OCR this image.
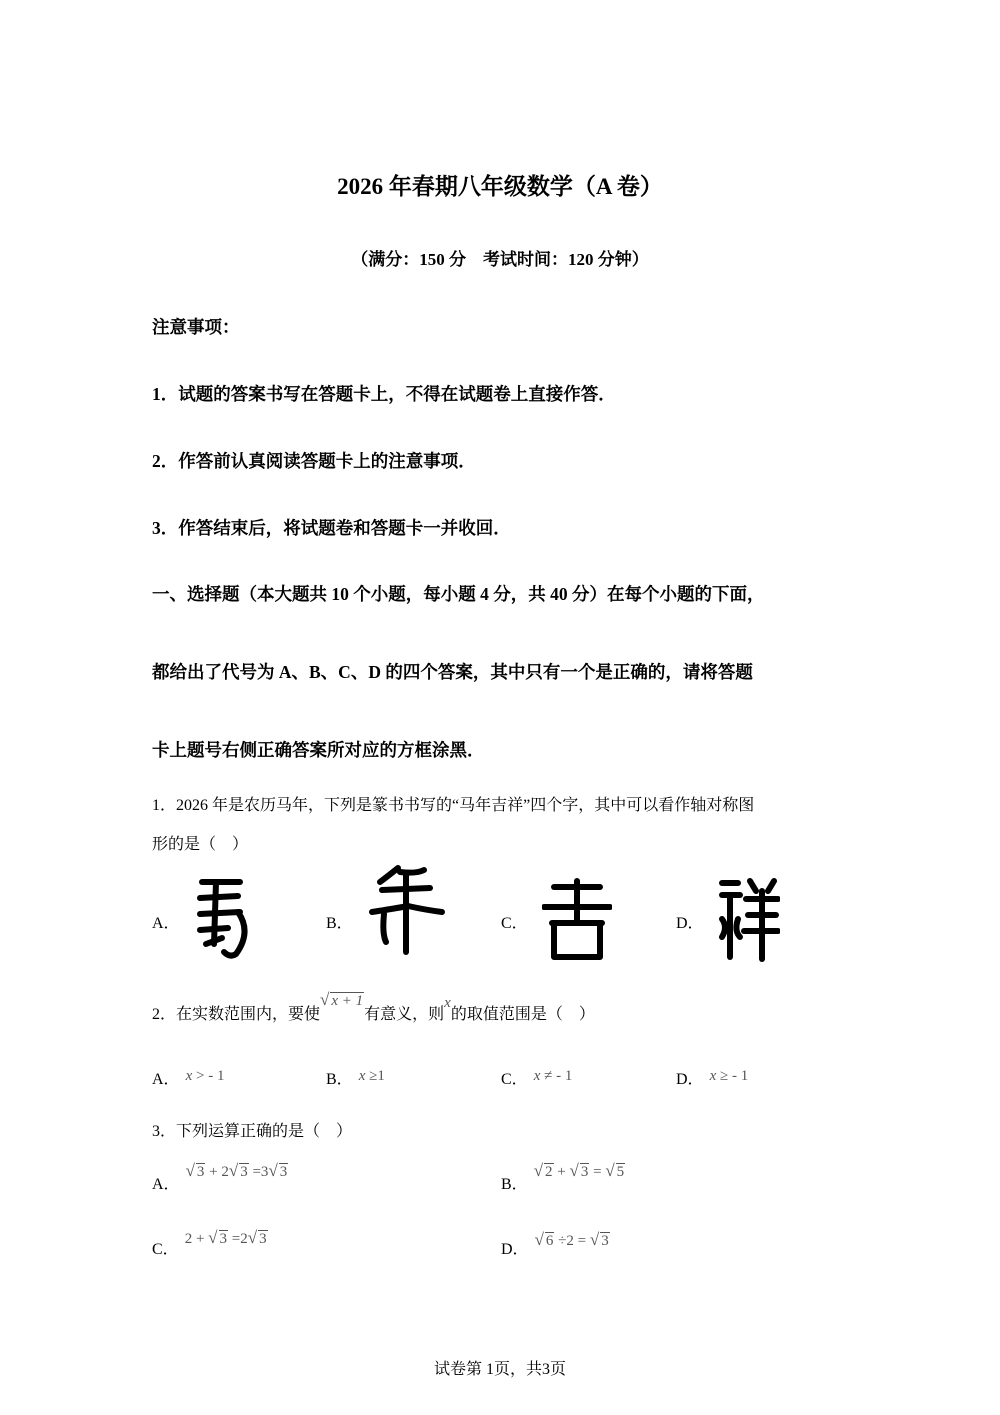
2026 年春期八年级数学（A 卷）
（满分：150 分　考试时间：120 分钟）
注意事项：
1．试题的答案书写在答题卡上，不得在试题卷上直接作答．
2．作答前认真阅读答题卡上的注意事项．
3．作答结束后，将试题卷和答题卡一并收回．
一、选择题（本大题共 10 个小题，每小题 4 分，共 40 分）在每个小题的下面，
都给出了代号为 A、B、C、D 的四个答案，其中只有一个是正确的，请将答题
卡上题号右侧正确答案所对应的方框涂黑．
1．2026 年是农历马年，下列是篆书书写的“马年吉祥”四个字，其中可以看作轴对称图
形的是（　）
A．	B．	C．	D．
2．在实数范围内，要使√ x + 1有意义，则x的取值范围是（　）
A． x > - 1	B． x ≥1	C． x ≠ - 1	D． x ≥ - 1
3．下列运算正确的是（　）
A．√ 3 + 2√ 3 =3√ 3
B．√ 2 + √ 3 = √ 5
C．2 + √ 3 =2√ 3
D．√ 6 ÷2 = √ 3
试卷第 1页，共3页
